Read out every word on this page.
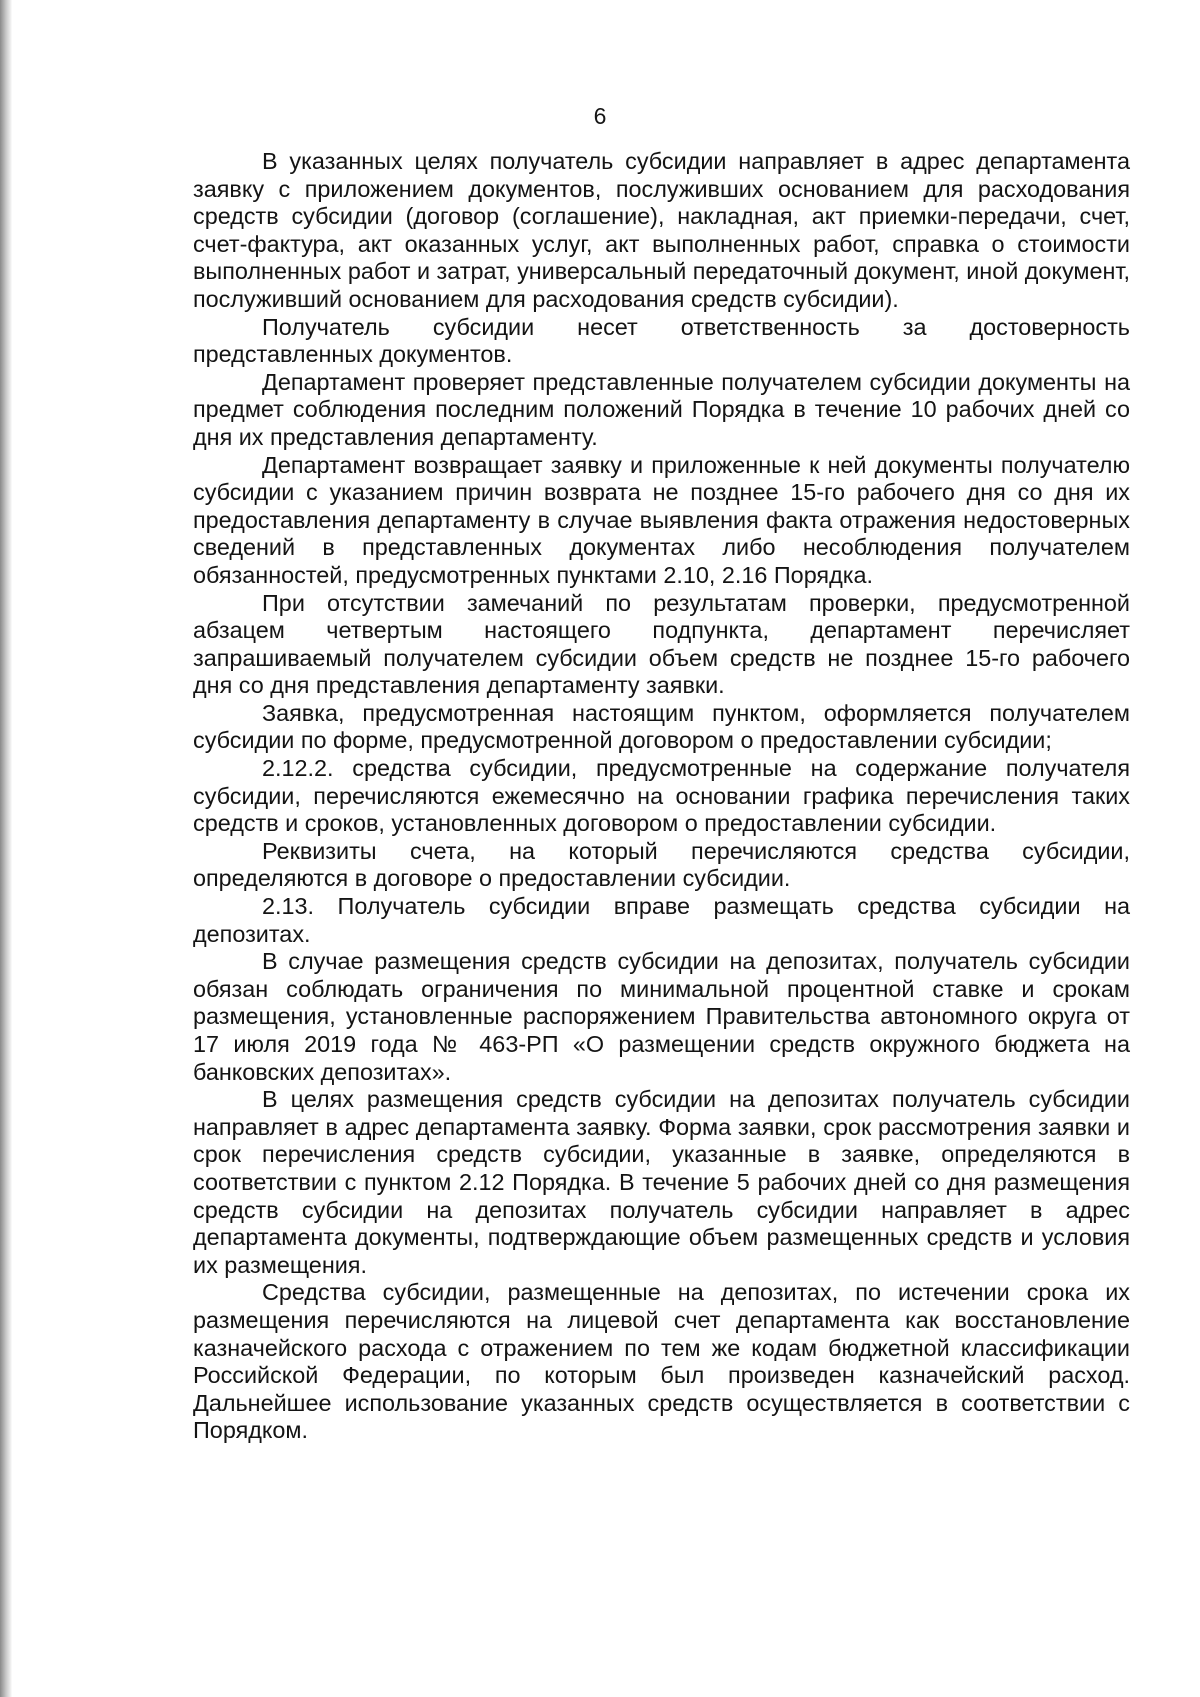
6

В указанных целях получатель субсидии направляет в адрес департамента заявку с приложением документов, послуживших основанием для расходования средств субсидии (договор (соглашение), накладная, акт приемки-передачи, счет, счет-фактура, акт оказанных услуг, акт выполненных работ, справка о стоимости выполненных работ и затрат, универсальный передаточный документ, иной документ, послуживший основанием для расходования средств субсидии).

Получатель субсидии несет ответственность за достоверность представленных документов.

Департамент проверяет представленные получателем субсидии документы на предмет соблюдения последним положений Порядка в течение 10 рабочих дней со дня их представления департаменту.

Департамент возвращает заявку и приложенные к ней документы получателю субсидии с указанием причин возврата не позднее 15-го рабочего дня со дня их предоставления департаменту в случае выявления факта отражения недостоверных сведений в представленных документах либо несоблюдения получателем обязанностей, предусмотренных пунктами 2.10, 2.16 Порядка.

При отсутствии замечаний по результатам проверки, предусмотренной абзацем четвертым настоящего подпункта, департамент перечисляет запрашиваемый получателем субсидии объем средств не позднее 15-го рабочего дня со дня представления департаменту заявки.

Заявка, предусмотренная настоящим пунктом, оформляется получателем субсидии по форме, предусмотренной договором о предоставлении субсидии;

2.12.2. средства субсидии, предусмотренные на содержание получателя субсидии, перечисляются ежемесячно на основании графика перечисления таких средств и сроков, установленных договором о предоставлении субсидии.

Реквизиты счета, на который перечисляются средства субсидии, определяются в договоре о предоставлении субсидии.

2.13. Получатель субсидии вправе размещать средства субсидии на депозитах.

В случае размещения средств субсидии на депозитах, получатель субсидии обязан соблюдать ограничения по минимальной процентной ставке и срокам размещения, установленные распоряжением Правительства автономного округа от 17 июля 2019 года № 463-РП «О размещении средств окружного бюджета на банковских депозитах».

В целях размещения средств субсидии на депозитах получатель субсидии направляет в адрес департамента заявку. Форма заявки, срок рассмотрения заявки и срок перечисления средств субсидии, указанные в заявке, определяются в соответствии с пунктом 2.12 Порядка. В течение 5 рабочих дней со дня размещения средств субсидии на депозитах получатель субсидии направляет в адрес департамента документы, подтверждающие объем размещенных средств и условия их размещения.

Средства субсидии, размещенные на депозитах, по истечении срока их размещения перечисляются на лицевой счет департамента как восстановление казначейского расхода с отражением по тем же кодам бюджетной классификации Российской Федерации, по которым был произведен казначейский расход. Дальнейшее использование указанных средств осуществляется в соответствии с Порядком.
